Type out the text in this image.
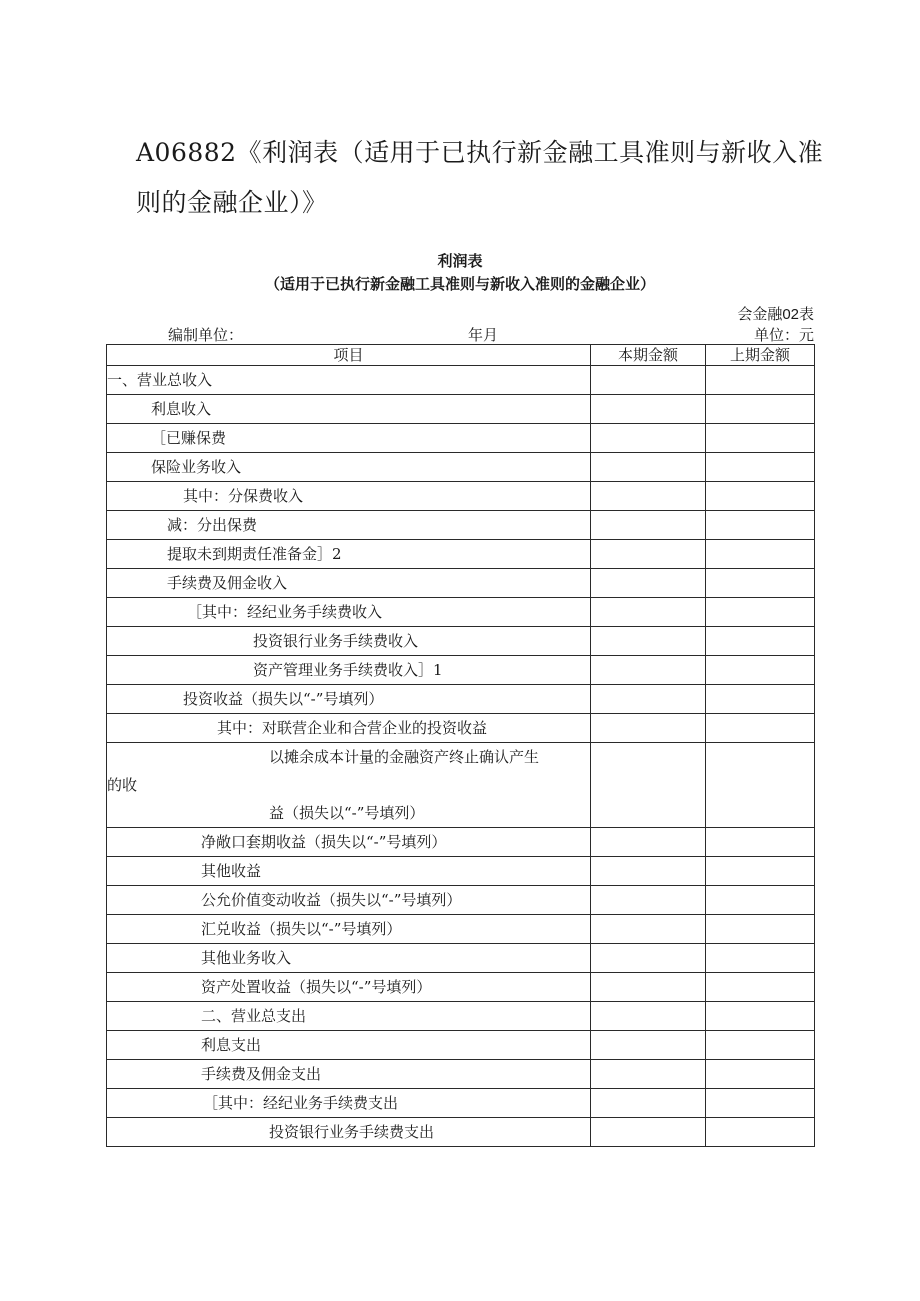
A06882《利润表（适用于已执行新金融工具准则与新收入准则的金融企业）》
利润表
（适用于已执行新金融工具准则与新收入准则的金融企业）
会金融02表
编制单位：	年月	单位：元
项目	本期金额	上期金额
一、营业总收入		
利息收入		
［已赚保费		
保险业务收入		
其中：分保费收入		
减：分出保费		
提取未到期责任准备金］2		
手续费及佣金收入		
［其中：经纪业务手续费收入		
投资银行业务手续费收入		
资产管理业务手续费收入］1		
投资收益（损失以“-”号填列）		
其中：对联营企业和合营企业的投资收益		

以摊余成本计量的金融资产终止确认产生
的收
益（损失以“-”号填列）		

净敞口套期收益（损失以“-”号填列）		
其他收益		
公允价值变动收益（损失以“-”号填列）		
汇兑收益（损失以“-”号填列）		
其他业务收入		
资产处置收益（损失以“-”号填列）		
二、营业总支出		
利息支出		
手续费及佣金支出		
［其中：经纪业务手续费支出		
投资银行业务手续费支出		
